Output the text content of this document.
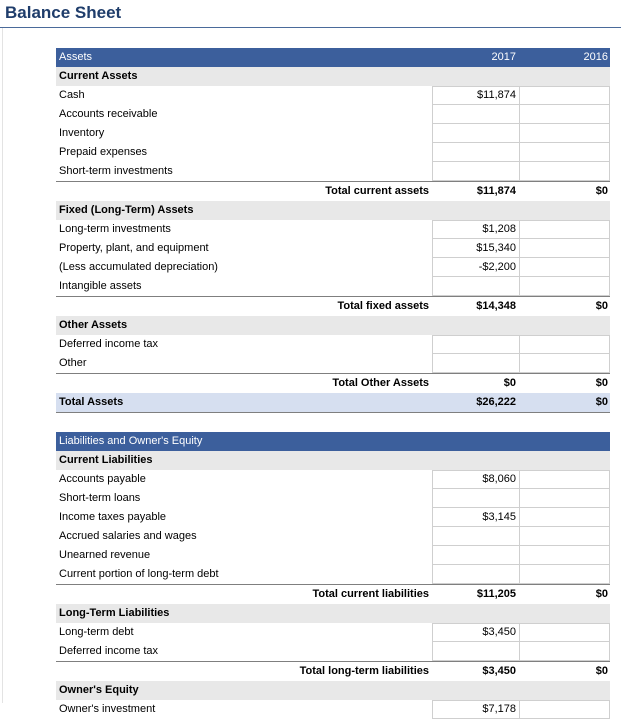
Balance Sheet
Assets	2017	2016
Current Assets
Cash	$11,874
Accounts receivable
Inventory
Prepaid expenses
Short-term investments
Total current assets	$11,874	$0
Fixed (Long-Term) Assets
Long-term investments	$1,208
Property, plant, and equipment	$15,340
(Less accumulated depreciation)	-$2,200
Intangible assets
Total fixed assets	$14,348	$0
Other Assets
Deferred income tax
Other
Total Other Assets	$0	$0
Total Assets	$26,222	$0
Liabilities and Owner's Equity
Current Liabilities
Accounts payable	$8,060
Short-term loans
Income taxes payable	$3,145
Accrued salaries and wages
Unearned revenue
Current portion of long-term debt
Total current liabilities	$11,205	$0
Long-Term Liabilities
Long-term debt	$3,450
Deferred income tax
Total long-term liabilities	$3,450	$0
Owner's Equity
Owner's investment	$7,178
